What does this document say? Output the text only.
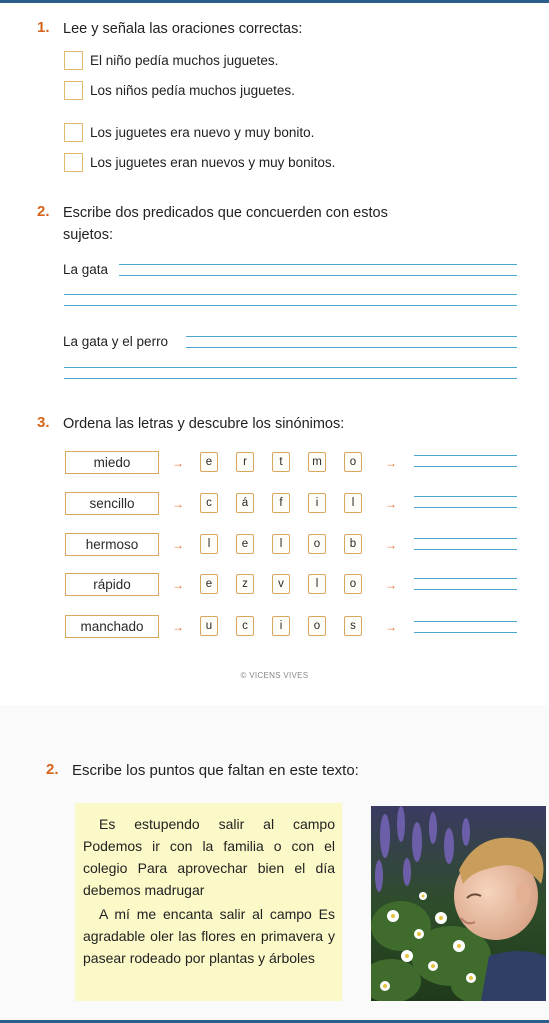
1. Lee y señala las oraciones correctas:
El niño pedía muchos juguetes.
Los niños pedía muchos juguetes.
Los juguetes era nuevo y muy bonito.
Los juguetes eran nuevos y muy bonitos.
2. Escribe dos predicados que concuerden con estos
sujetos:
La gata
La gata y el perro
3. Ordena las letras y descubre los sinónimos:
miedo	→	e	r	t	m	o	→
sencillo	→	c	á	f	i	l	→
hermoso	→	l	e	l	o	b	→
rápido	→	e	z	v	l	o	→
manchado	→	u	c	i	o	s	→
© VICENS VIVES
2. Escribe los puntos que faltan en este texto:

Es estupendo salir al campo Podemos ir con la familia o con el colegio Para aprovechar bien el día debemos madrugar

A mí me encanta salir al campo Es agradable oler las flores en primavera y pasear rodeado por plantas y árboles
